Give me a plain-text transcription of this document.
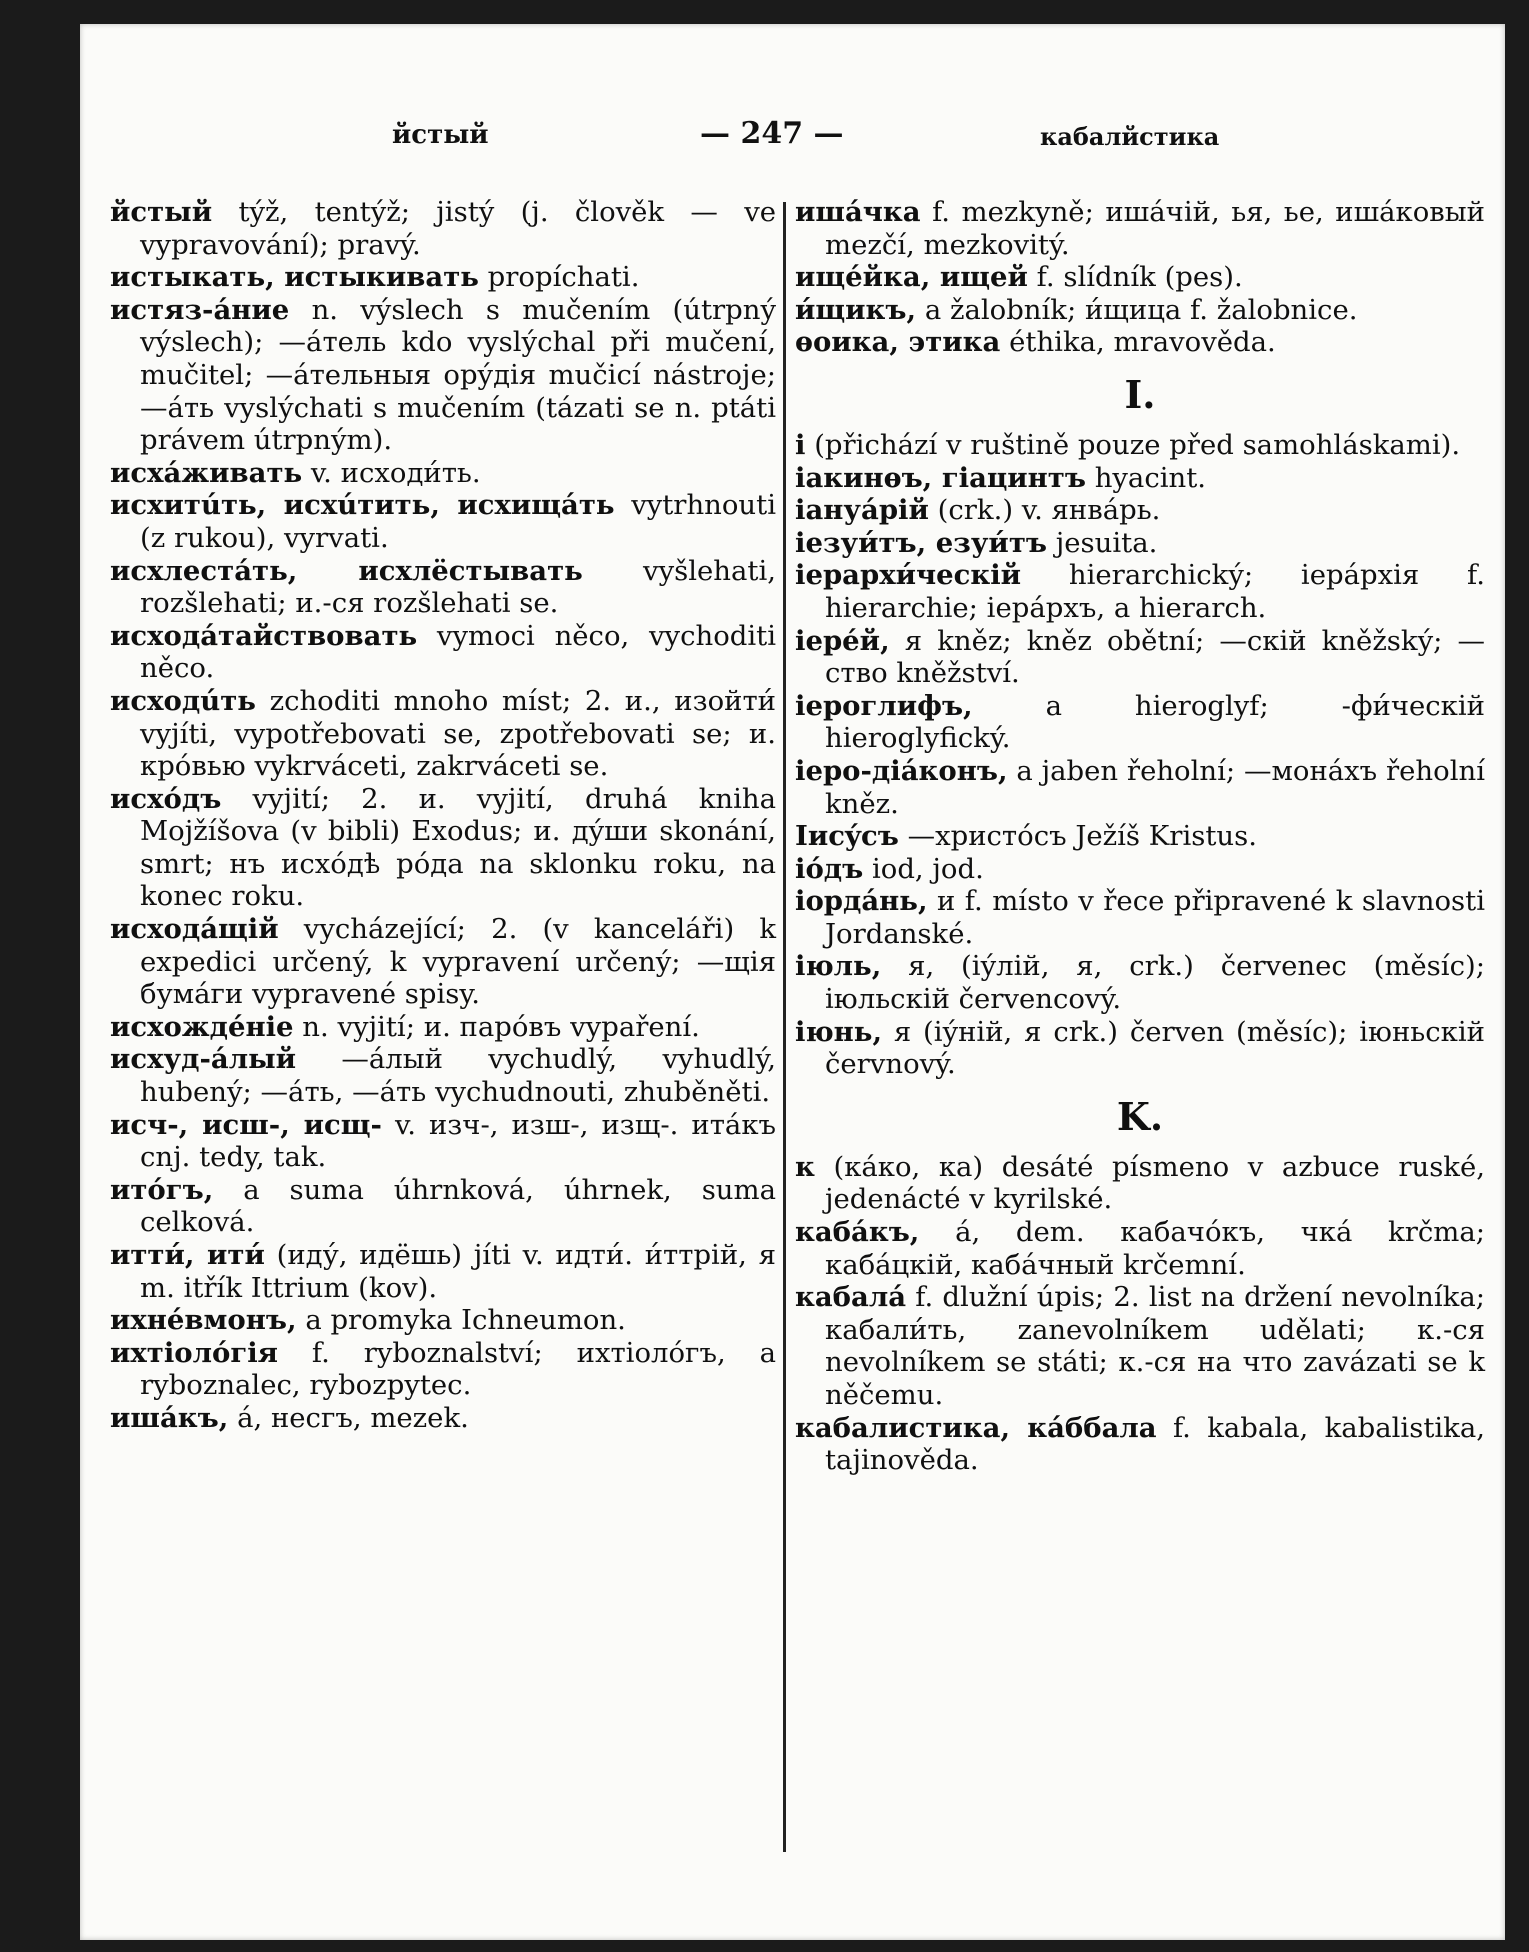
йстый	— 247 —	кабалйстика

йстый týž, tentýž; jistý (j. člověk — ve vypravování); pravý.

истыкать, истыкивать propíchati.

истяз-áние n. výslech s mučením (útrpný výslech); —áтель kdo vyslýchal při mučení, mučitel; —áтельныя орýдія mučicí nástroje; —áть vyslýchati s mučením (tázati se n. ptáti právem útrpným).

исхáживать v. исходи́ть.

исхитúть, исхúтить, исхищáть vytrhnouti (z rukou), vyrvati.

исхлестáть, исхлёстывать vyšlehati, rozšlehati; и.-ся rozšlehati se.

исходáтайствовать vymoci něco, vychoditi něco.

исходúть zchoditi mnoho míst; 2. и., изойти́ vyjíti, vypotřebovati se, zpotřebovati se; и. крóвью vykrváceti, zakrváceti se.

исхóдъ vyjití; 2. и. vyjití, druhá kniha Mojžíšova (v bibli) Exodus; и. дýши skonání, smrt; нъ исхóдѣ рóда na sklonku roku, na konec roku.

исходáщій vycházející; 2. (v kanceláři) k expedici určený, k vypravení určený; —щія бумáги vypravené spisy.

исхождéніе n. vyjití; и. парóвъ vypaření.

исхуд-áлый —áлый vychudlý, vyhudlý, hubený; —áть, —áть vychudnouti, zhuběněti.

исч-, исш-, исщ- v. изч-, изш-, изщ-. итáкъ cnj. tedy, tak.

итóгъ, a suma úhrnková, úhrnek, suma celková.

итти́, ити́ (иду́, идёшь) jíti v. идти́. и́ттрій, я m. itřík Ittrium (kov).

ихнéвмонъ, a promyka Ichneumon.

ихтіолóгія f. ryboznalství; ихтіолóгъ, a ryboznalec, rybozpytec.

ишáкъ, á, несгъ, mezek.

ишáчка f. mezkyně; ишáчій, ья, ье, ишáковый mezčí, mezkovitý.

ищéйка, ищей f. slídník (pes).

и́щикъ, a žalobník; и́щица f. žalobnice.

ѳоика, этика éthika, mravověda.

I.

i (přichází v ruštině pouze před samohláskami).

іакинѳъ, гіацинтъ hyacint.

іануáрій (crk.) v. янвáрь.

іезуи́тъ, езуи́тъ jesuita.

іерархи́ческій hierarchický; іерáрхія f. hierarchie; іерáрхъ, a hierarch.

іерéй, я kněz; kněz obětní; —скій kněžský; —ство kněžství.

іероглифъ,	a hieroglyf; -фи́ческій hieroglyfický.

іеро-діáконъ, a jaben řeholní; —монáхъ řeholní kněz.

Іисýсъ —христóсъ Ježíš Kristus.

іóдъ iod, jod.

іордáнь, и f. místo v řece připravené k slavnosti Jordanské.

іюль, я, (іýлій, я, crk.) červenec (měsíc); іюльскій červencový.

іюнь, я (іýній, я crk.) červen (měsíc); іюньскій červnový.

K.

к (кáко, ка) desáté písmeno v azbuce ruské, jedenácté v kyrilské.

кабáкъ, á, dem. кабачóкъ, чкá krčma; кабáцкій, кабáчный krčemní.

кабалá f. dlužní úpis; 2. list na držení nevolníka; кабали́ть, zanevolníkem udělati; к.-ся nevolníkem se státi; к.-ся на что zavázati se k něčemu.

кабалистика, кáббала f. kabala, kabalistika, tajinověda.
